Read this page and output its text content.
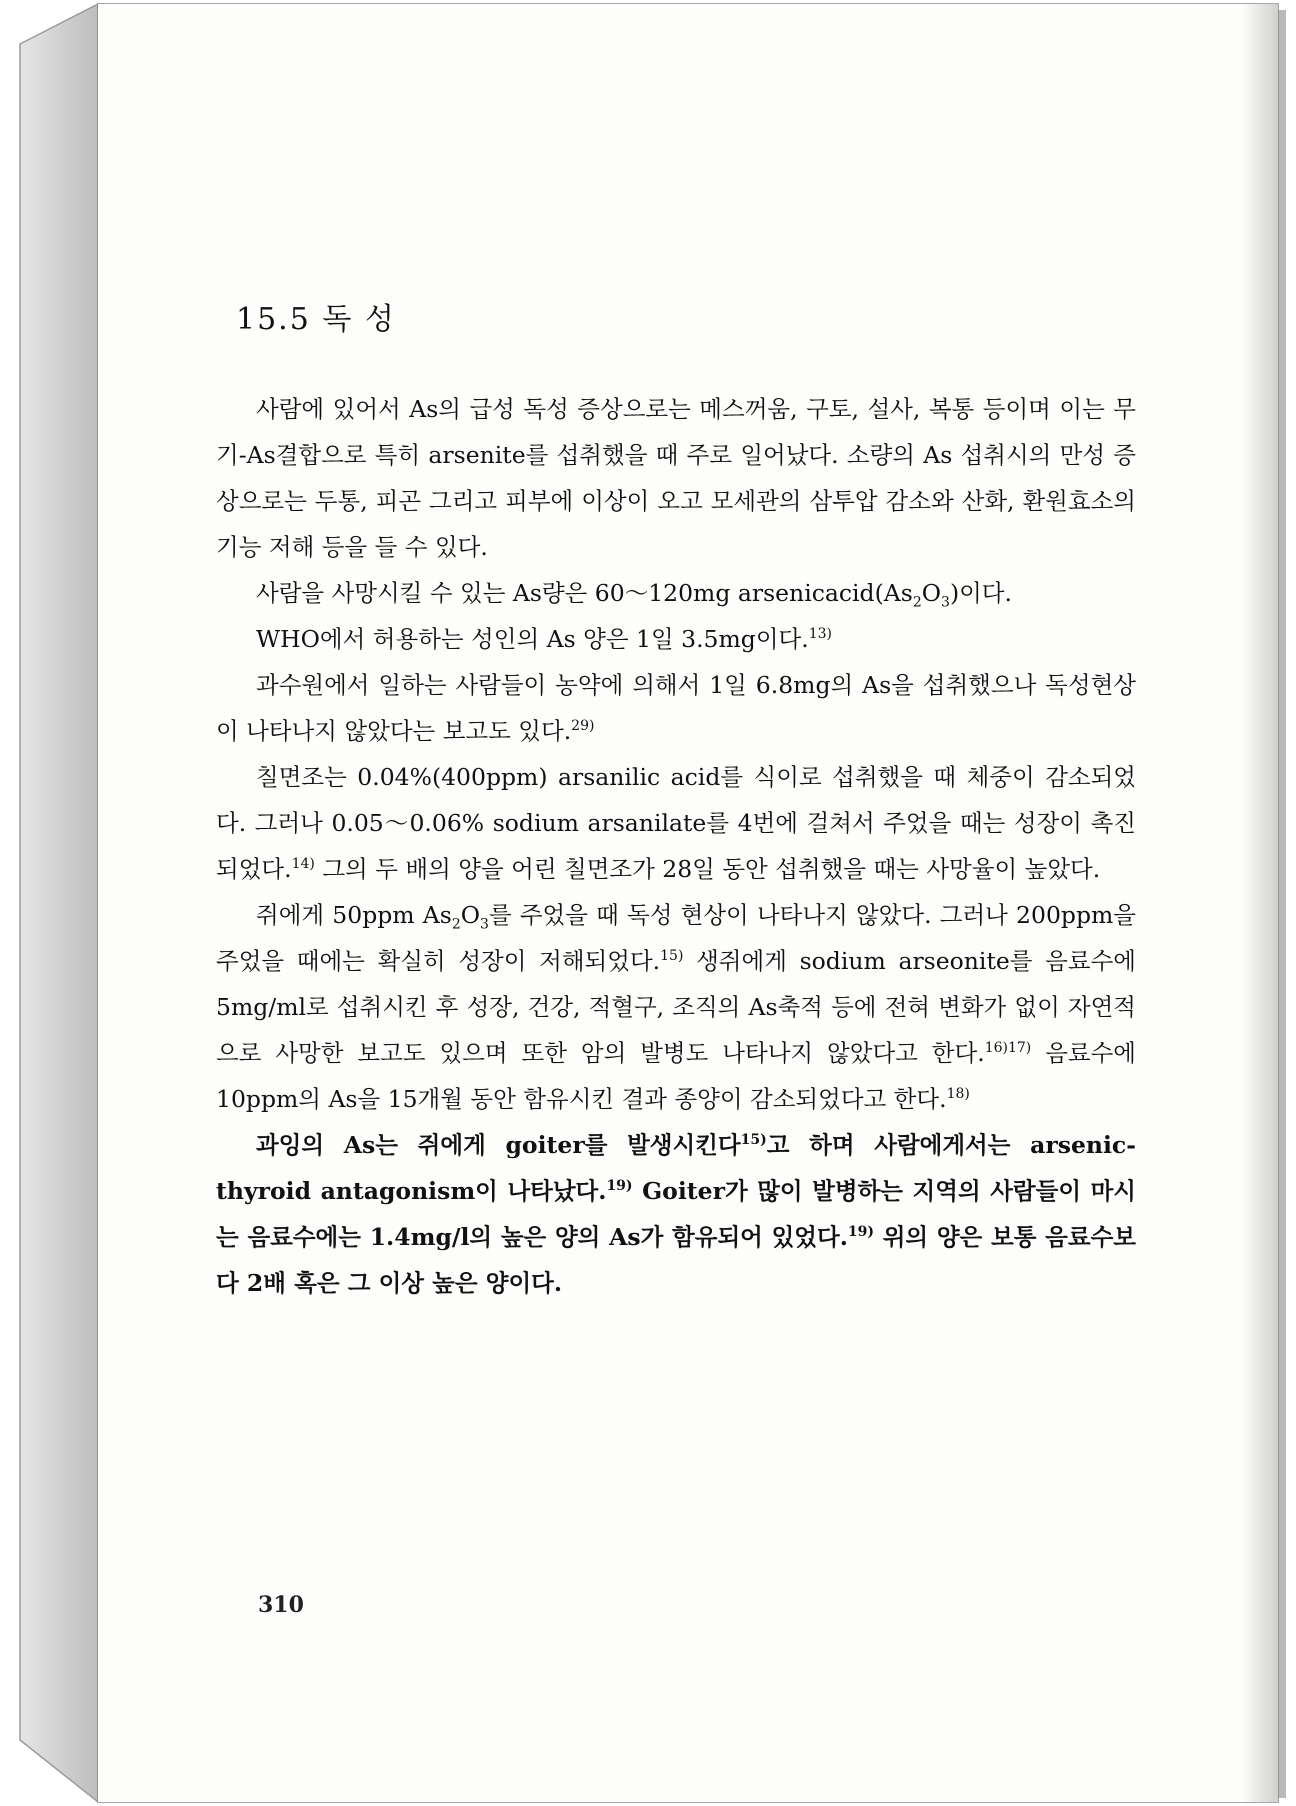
15.5 독 성

사람에 있어서 As의 급성 독성 증상으로는 메스꺼움, 구토, 설사, 복통 등이며 이는 무기-As결합으로 특히 arsenite를 섭취했을 때 주로 일어났다. 소량의 As 섭취시의 만성 증상으로는 두통, 피곤 그리고 피부에 이상이 오고 모세관의 삼투압 감소와 산화, 환원효소의 기능 저해 등을 들 수 있다.

사람을 사망시킬 수 있는 As량은 60～120mg $arsenicacid(As_2O_3)$이다.

WHO에서 허용하는 성인의 As 양은 1일 3.5mg이다.$^{13)}$

과수원에서 일하는 사람들이 농약에 의해서 1일 6.8mg의 As을 섭취했으나 독성현상이 나타나지 않았다는 보고도 있다.$^{29)}$

칠면조는 0.04%(400ppm) arsanilic acid를 식이로 섭취했을 때 체중이 감소되었다. 그러나 0.05～0.06% sodium arsanilate를 4번에 걸쳐서 주었을 때는 성장이 촉진되었다.$^{14)}$ 그의 두 배의 양을 어린 칠면조가 28일 동안 섭취했을 때는 사망율이 높았다.

쥐에게 50ppm $As_2O_3$를 주었을 때 독성 현상이 나타나지 않았다. 그러나 200ppm을 주었을 때에는 확실히 성장이 저해되었다.$^{15)}$ 생쥐에게 sodium arseonite를 음료수에 5mg/ml로 섭취시킨 후 성장, 건강, 적혈구, 조직의 As축적 등에 전혀 변화가 없이 자연적으로 사망한 보고도 있으며 또한 암의 발병도 나타나지 않았다고 한다.$^{16)17)}$ 음료수에 10ppm의 As을 15개월 동안 함유시킨 결과 종양이 감소되었다고 한다.$^{18)}$

과잉의 As는 쥐에게 goiter를 발생시킨다$^{15)}$고 하며 사람에게서는 arsenic-thyroid antagonism이 나타났다.$^{19)}$ Goiter가 많이 발병하는 지역의 사람들이 마시는 음료수에는 1.4mg/l의 높은 양의 As가 함유되어 있었다.$^{19)}$ 위의 양은 보통 음료수보다 2배 혹은 그 이상 높은 양이다.

310
